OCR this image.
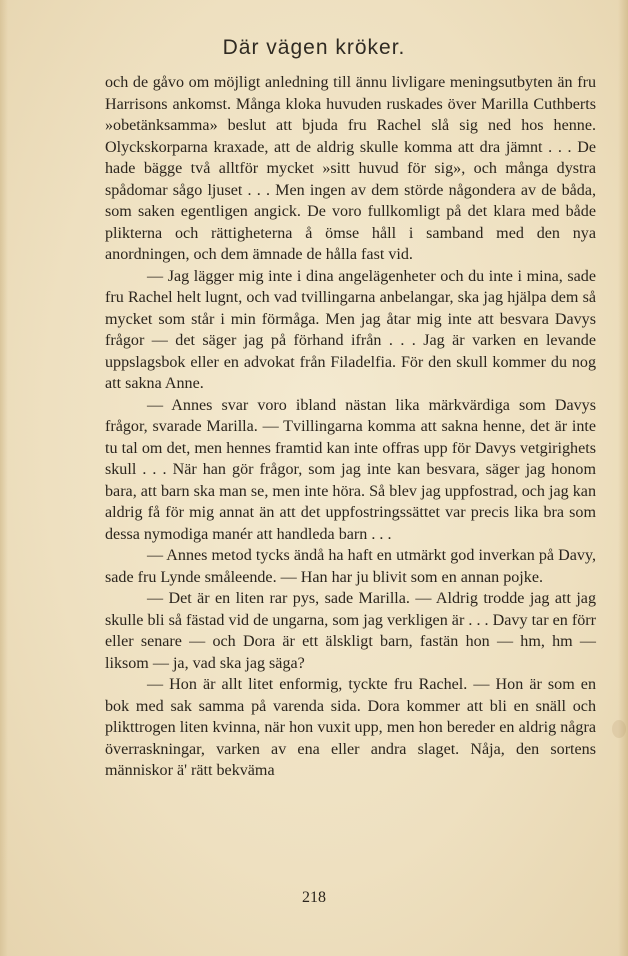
Där vägen kröker.

och de gåvo om möjligt anledning till ännu livligare meningsutbyten än fru Harrisons ankomst. Många kloka huvuden ruskades över Marilla Cuthberts »obetänksamma» beslut att bjuda fru Rachel slå sig ned hos henne. Olyckskorparna kraxade, att de aldrig skulle komma att dra jämnt . . . De hade bägge två alltför mycket »sitt huvud för sig», och många dystra spådomar sågo ljuset . . . Men ingen av dem störde någondera av de båda, som saken egentligen angick. De voro fullkomligt på det klara med både plikterna och rättigheterna å ömse håll i samband med den nya anordningen, och dem ämnade de hålla fast vid.

— Jag lägger mig inte i dina angelägenheter och du inte i mina, sade fru Rachel helt lugnt, och vad tvillingarna anbelangar, ska jag hjälpa dem så mycket som står i min förmåga. Men jag åtar mig inte att besvara Davys frågor — det säger jag på förhand ifrån . . . Jag är varken en levande uppslagsbok eller en advokat från Filadelfia. För den skull kommer du nog att sakna Anne.

— Annes svar voro ibland nästan lika märkvärdiga som Davys frågor, svarade Marilla. — Tvillingarna komma att sakna henne, det är inte tu tal om det, men hennes framtid kan inte offras upp för Davys vetgirighets skull . . . När han gör frågor, som jag inte kan besvara, säger jag honom bara, att barn ska man se, men inte höra. Så blev jag uppfostrad, och jag kan aldrig få för mig annat än att det uppfostringssättet var precis lika bra som dessa nymodiga manér att handleda barn . . .

— Annes metod tycks ändå ha haft en utmärkt god inverkan på Davy, sade fru Lynde småleende. — Han har ju blivit som en annan pojke.

— Det är en liten rar pys, sade Marilla. — Aldrig trodde jag att jag skulle bli så fästad vid de ungarna, som jag verkligen är . . . Davy tar en förr eller senare — och Dora är ett älskligt barn, fastän hon — hm, hm — liksom — ja, vad ska jag säga?

— Hon är allt litet enformig, tyckte fru Rachel. — Hon är som en bok med sak samma på varenda sida. Dora kommer att bli en snäll och plikttrogen liten kvinna, när hon vuxit upp, men hon bereder en aldrig några överraskningar, varken av ena eller andra slaget. Nåja, den sortens människor ä' rätt bekväma

218
